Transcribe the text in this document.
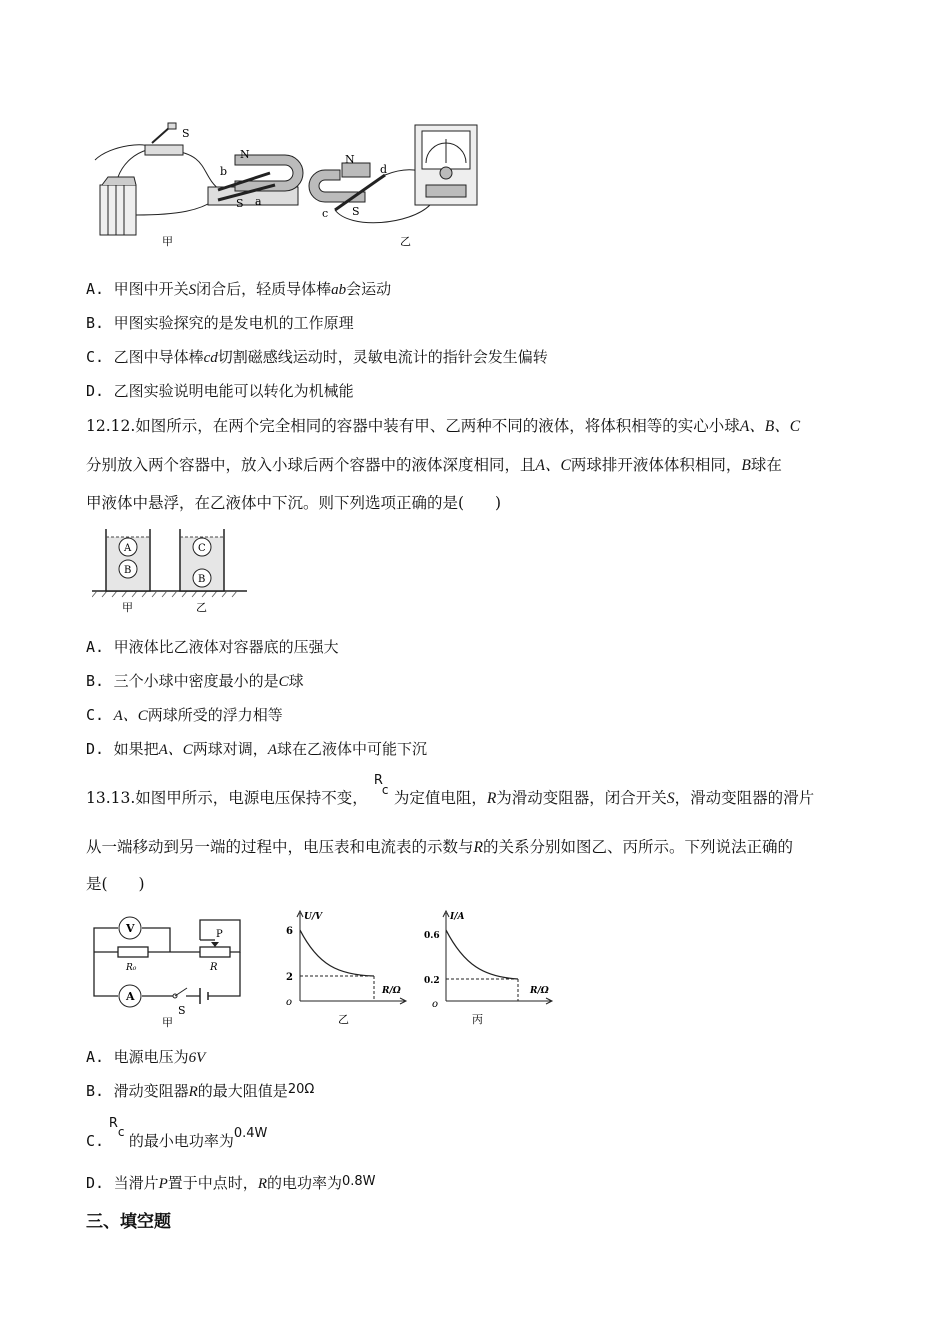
S
N
b
S a
N
d
c S
甲	乙
A. 甲图中开关S闭合后，轻质导体棒ab会运动
B. 甲图实验探究的是发电机的工作原理
C. 乙图中导体棒cd切割磁感线运动时，灵敏电流计的指针会发生偏转
D. 乙图实验说明电能可以转化为机械能
12.12.如图所示，在两个完全相同的容器中装有甲、乙两种不同的液体，将体积相等的实心小球A、B、C
分别放入两个容器中，放入小球后两个容器中的液体深度相同，且A、C两球排开液体体积相同，B球在
甲液体中悬浮，在乙液体中下沉。则下列选项正确的是(　　)
A
B
C
B
甲	乙
A. 甲液体比乙液体对容器底的压强大
B. 三个小球中密度最小的是C球
C. A、C两球所受的浮力相等
D. 如果把A、C两球对调，A球在乙液体中可能下沉
13.13.如图甲所示，电源电压保持不变，
R
c 为定值电阻，R为滑动变阻器，闭合开关S，滑动变阻器的滑片
从一端移动到另一端的过程中，电压表和电流表的示数与R的关系分别如图乙、丙所示。下列说法正确的
是(　　)
V
A
P
R₀	R
S
甲
U/V
6
2
o
R/Ω
乙
I/A
0.6
0.2
o
R/Ω
丙
A. 电源电压为6V
B. 滑动变阻器R的最大阻值是20Ω
C.
R
c 的最小电功率为0.4W
D. 当滑片P置于中点时，R的电功率为0.8W
三、填空题
